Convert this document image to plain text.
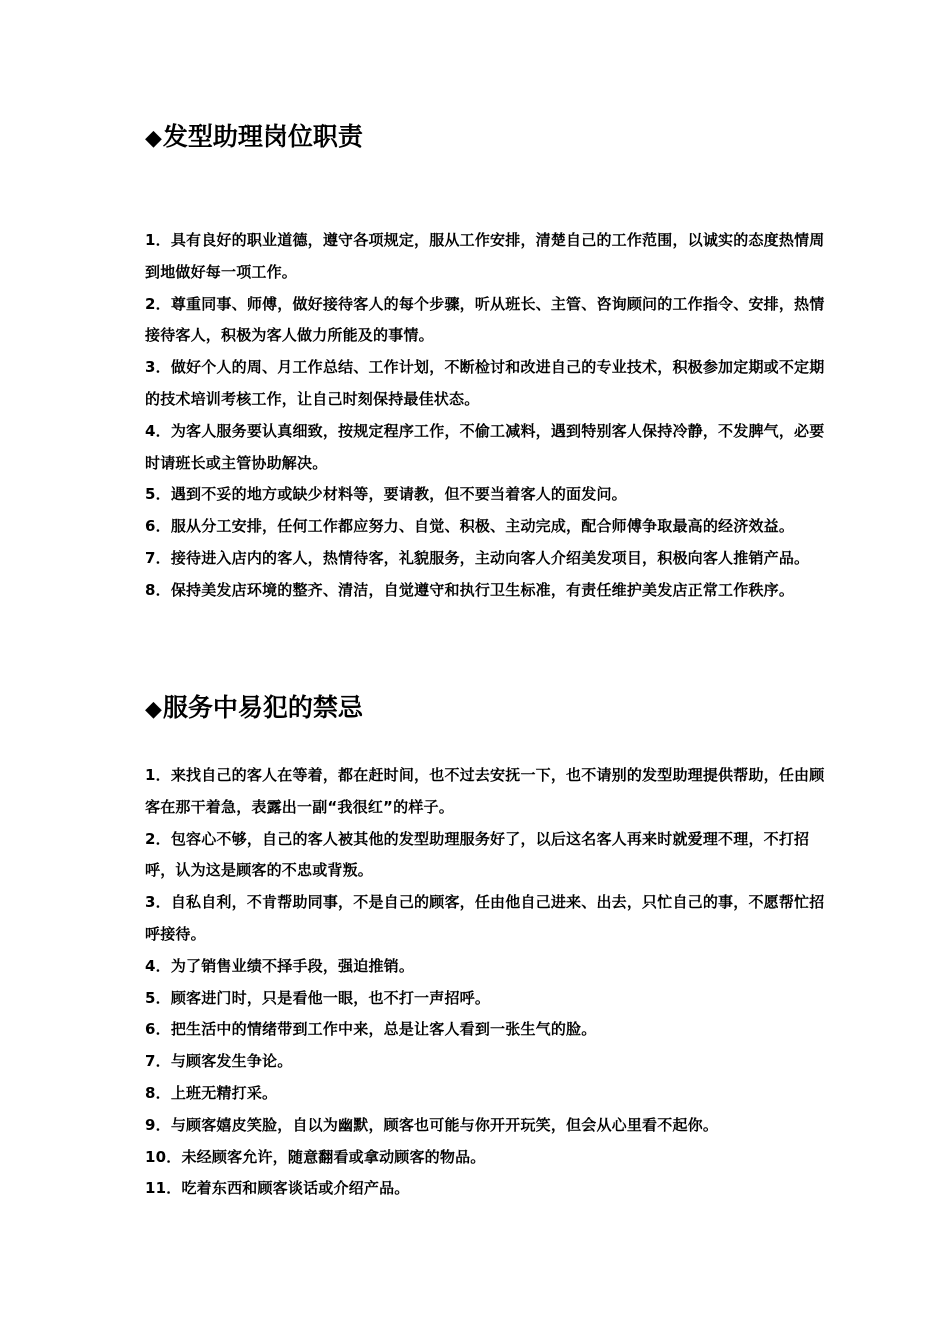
◆发型助理岗位职责
1．具有良好的职业道德，遵守各项规定，服从工作安排，清楚自己的工作范围，以诚实的态度热情周到地做好每一项工作。
2．尊重同事、师傅，做好接待客人的每个步骤，听从班长、主管、咨询顾问的工作指令、安排，热情接待客人，积极为客人做力所能及的事情。
3．做好个人的周、月工作总结、工作计划，不断检讨和改进自己的专业技术，积极参加定期或不定期的技术培训考核工作，让自己时刻保持最佳状态。
4．为客人服务要认真细致，按规定程序工作，不偷工减料，遇到特别客人保持冷静，不发脾气，必要时请班长或主管协助解决。
5．遇到不妥的地方或缺少材料等，要请教，但不要当着客人的面发问。
6．服从分工安排，任何工作都应努力、自觉、积极、主动完成，配合师傅争取最高的经济效益。
7．接待进入店内的客人，热情待客，礼貌服务，主动向客人介绍美发项目，积极向客人推销产品。
8．保持美发店环境的整齐、清洁，自觉遵守和执行卫生标准，有责任维护美发店正常工作秩序。
◆服务中易犯的禁忌
1．来找自己的客人在等着，都在赶时间，也不过去安抚一下，也不请别的发型助理提供帮助，任由顾客在那干着急，表露出一副“我很红”的样子。
2．包容心不够，自己的客人被其他的发型助理服务好了，以后这名客人再来时就爱理不理，不打招呼，认为这是顾客的不忠或背叛。
3．自私自利，不肯帮助同事，不是自己的顾客，任由他自己进来、出去，只忙自己的事，不愿帮忙招呼接待。
4．为了销售业绩不择手段，强迫推销。
5．顾客进门时，只是看他一眼，也不打一声招呼。
6．把生活中的情绪带到工作中来，总是让客人看到一张生气的脸。
7．与顾客发生争论。
8．上班无精打采。
9．与顾客嬉皮笑脸，自以为幽默，顾客也可能与你开开玩笑，但会从心里看不起你。
10．未经顾客允许，随意翻看或拿动顾客的物品。
11．吃着东西和顾客谈话或介绍产品。
